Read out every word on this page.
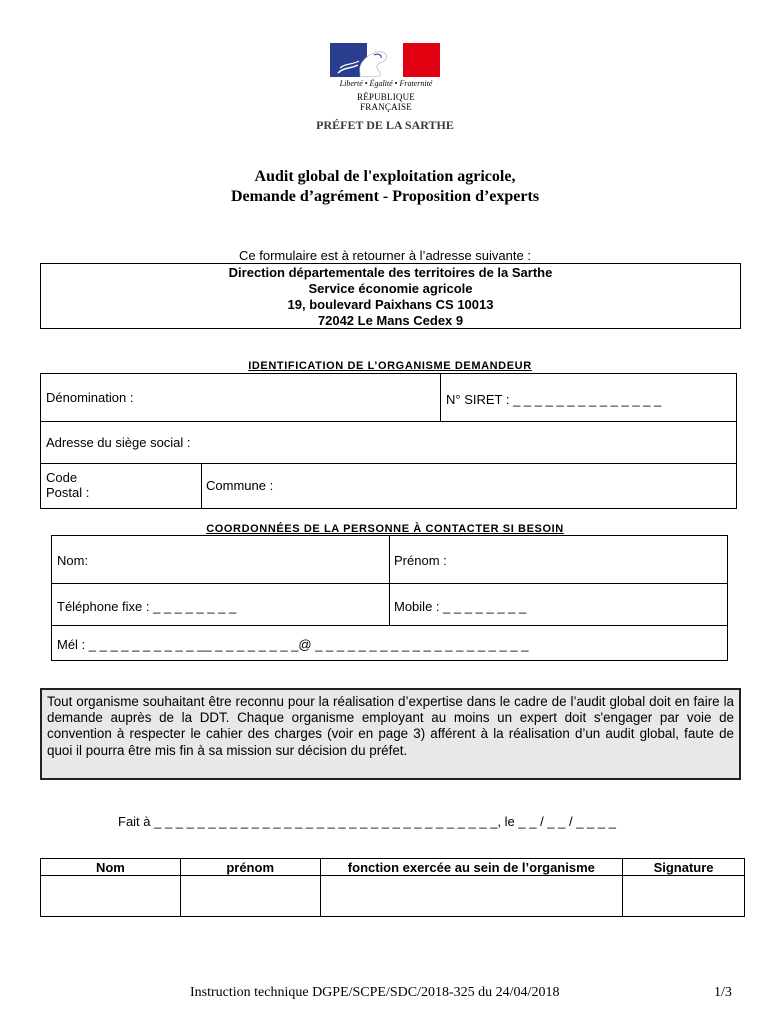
Liberté • Égalité • Fraternité
RÉPUBLIQUE FRANÇAISE
PRÉFET DE LA SARTHE
Audit global de l'exploitation agricole,
Demande d’agrément - Proposition d’experts
Ce formulaire est à retourner à l’adresse suivante :
Direction départementale des territoires de la Sarthe
Service économie agricole
19, boulevard Paixhans CS 10013
72042 Le Mans Cedex 9
IDENTIFICATION DE L’ORGANISME DEMANDEUR
Dénomination :	N° SIRET : _ _ _ _ _ _ _ _ _ _ _ _ _ _
Adresse du siège social :
Code
Postal :	Commune :
COORDONNÉES DE LA PERSONNE À CONTACTER SI BESOIN
Nom:	Prénom :
Téléphone fixe : _ _ _ _ _ _ _ _	Mobile : _ _ _ _ _ _ _ _
Mél : _ _ _ _ _ _ _ _ _ _ __ _ _ _ _ _ _ _ _@ _ _ _ _ _ _ _ _ _ _ _ _ _ _ _ _ _ _ _ _
Tout organisme souhaitant être reconnu pour la réalisation d’expertise dans le cadre de l’audit global doit en faire la demande auprès de la DDT. Chaque organisme employant au moins un expert doit s'engager par voie de convention à respecter le cahier des charges (voir en page 3) afférent à la réalisation d’un audit global, faute de quoi il pourra être mis fin à sa mission sur décision du préfet.
Fait à _ _ _ _ _ _ _ _ _ _ _ _ _ _ _ _ _ _ _ _ _ _ _ _ _ _ _ _ _ _ _ _, le _ _ / _ _ / _ _ _ _
Nom	prénom	fonction exercée au sein de l’organisme	Signature

Instruction technique DGPE/SCPE/SDC/2018-325 du 24/04/2018	1/3
